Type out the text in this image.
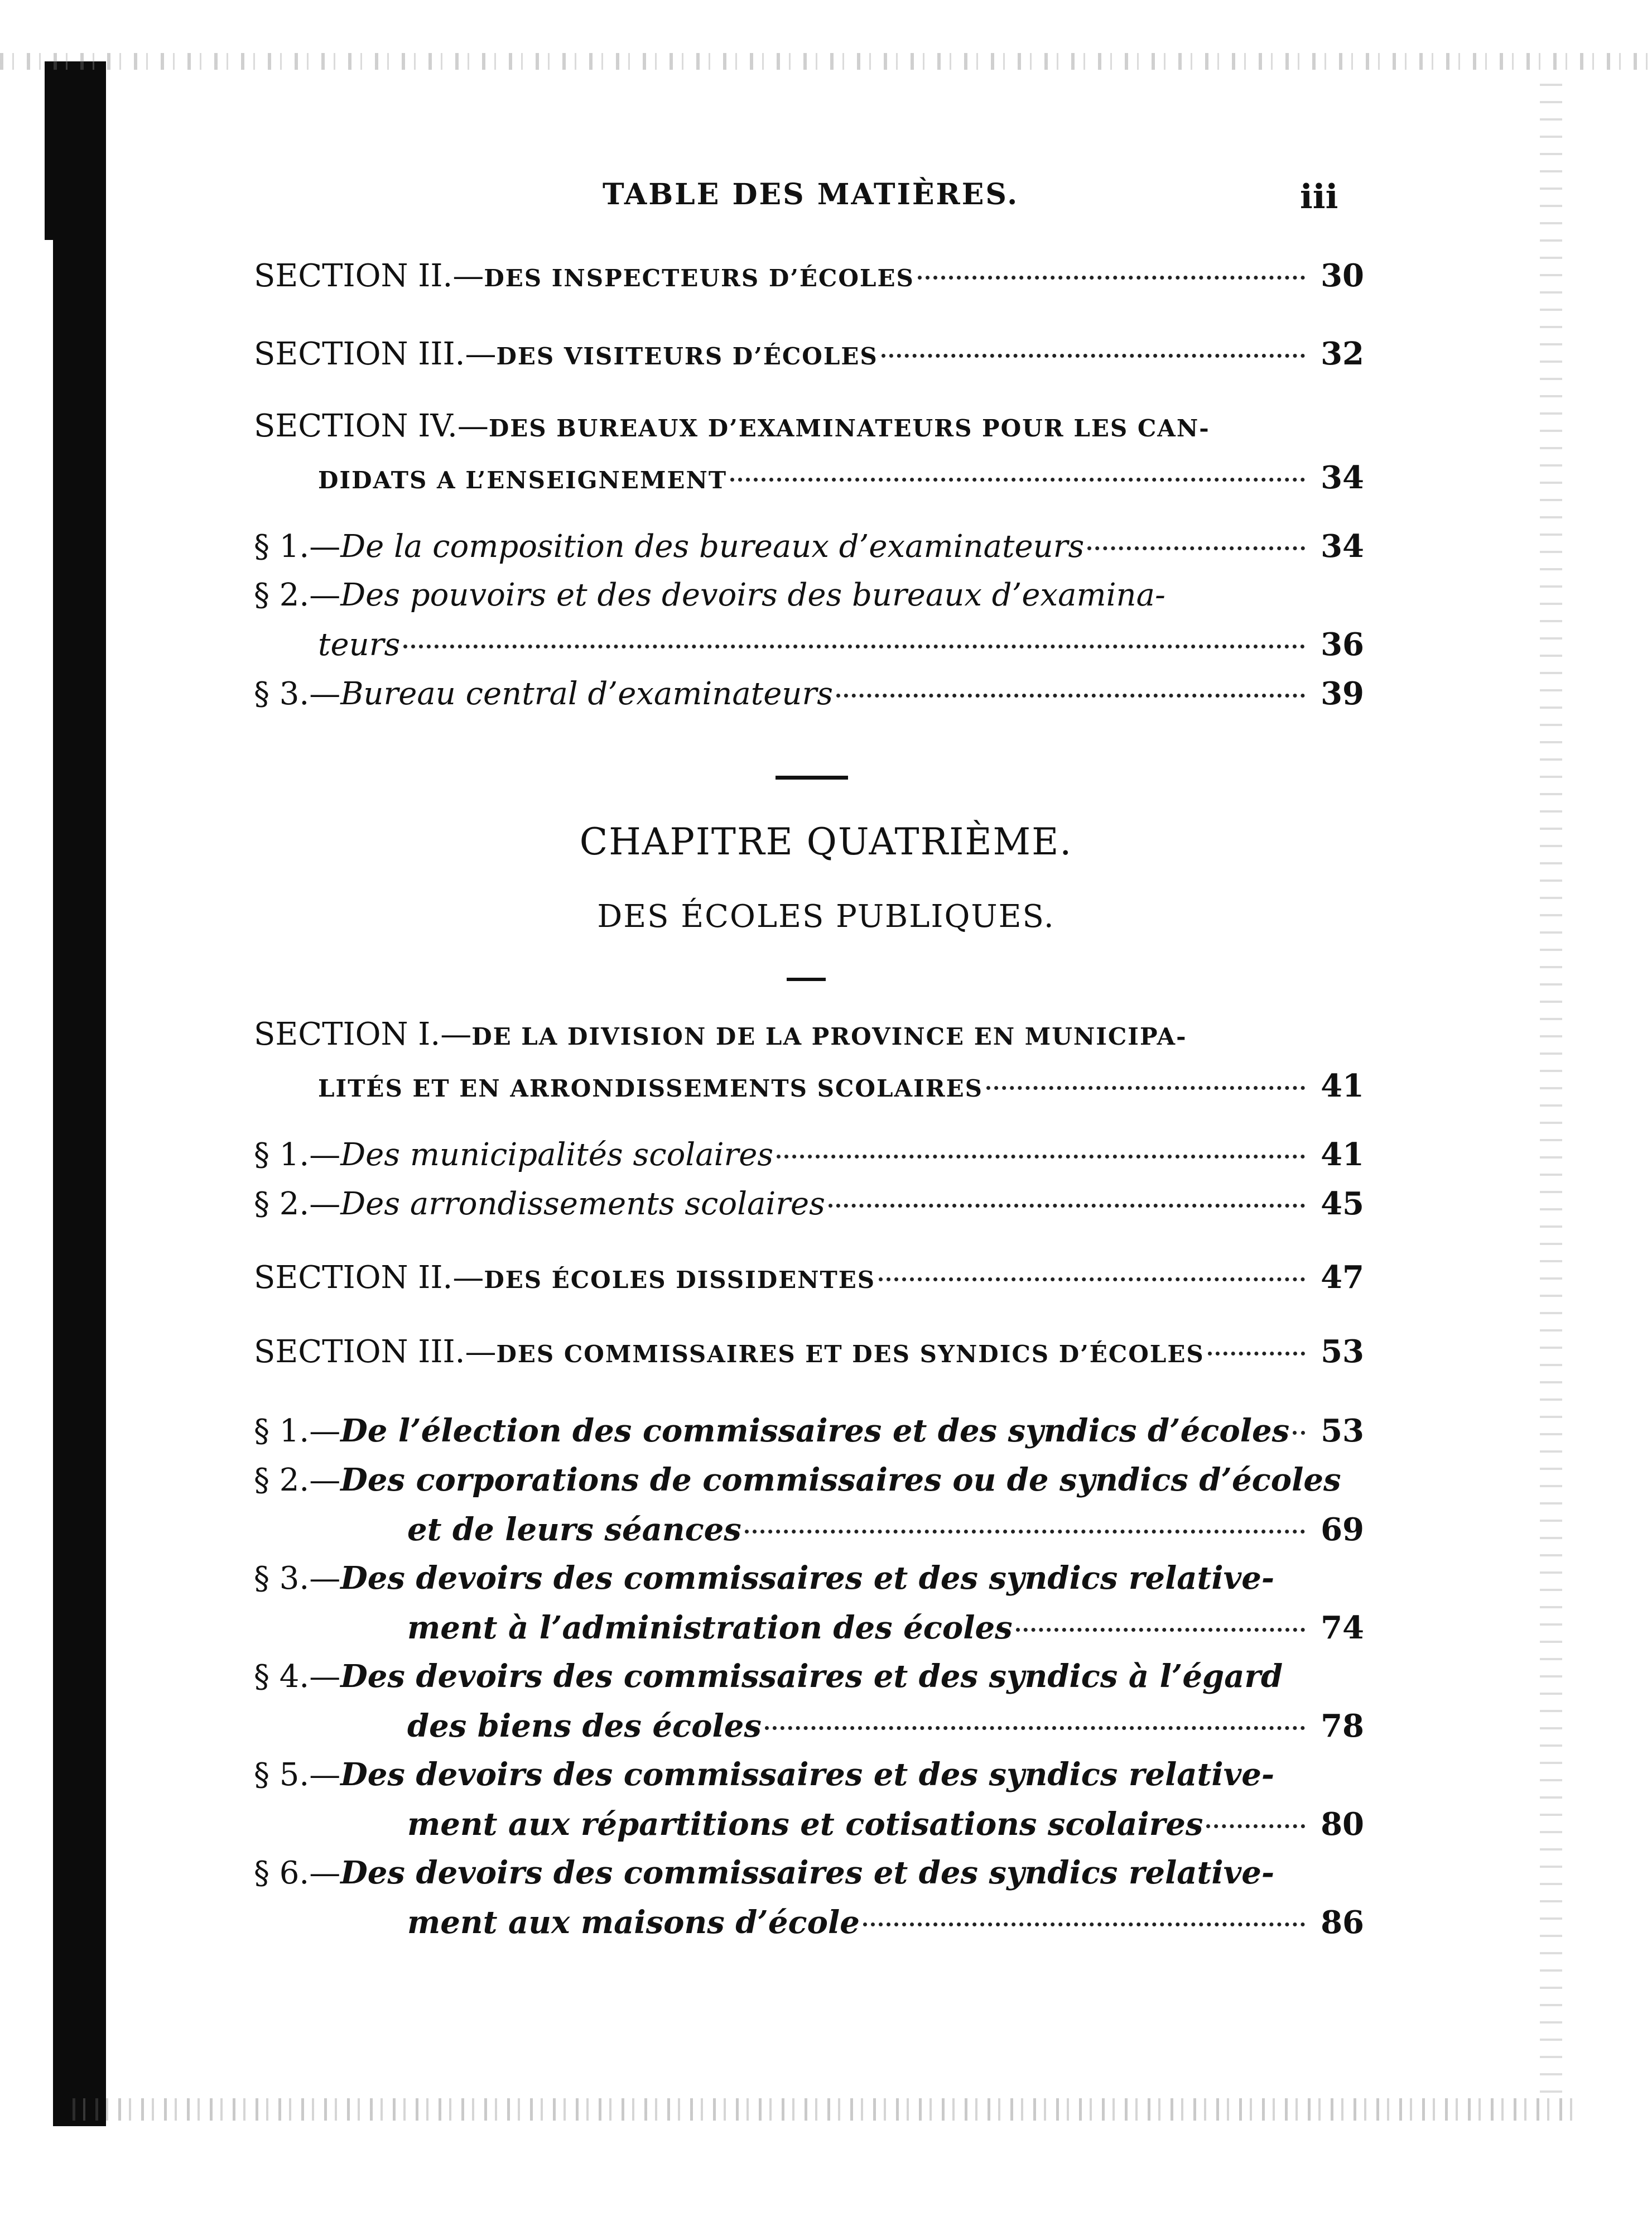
TABLE DES MATIÈRES.	iii
SECTION II.— DES INSPECTEURS D’ÉCOLES	30
SECTION III.— DES VISITEURS D’ÉCOLES	32
SECTION IV.— DES BUREAUX D’EXAMINATEURS POUR LES CAN-
DIDATS A L’ENSEIGNEMENT	34
§ 1.— De la composition des bureaux d’examinateurs	34
§ 2.— Des pouvoirs et des devoirs des bureaux d’examina-
teurs	36
§ 3.— Bureau central d’examinateurs	39
CHAPITRE QUATRIÈME.
DES ÉCOLES PUBLIQUES.
SECTION I.— DE LA DIVISION DE LA PROVINCE EN MUNICIPA-
LITÉS ET EN ARRONDISSEMENTS SCOLAIRES	41
§ 1.— Des municipalités scolaires	41
§ 2.— Des arrondissements scolaires	45
SECTION II.— DES ÉCOLES DISSIDENTES	47
SECTION III.— DES COMMISSAIRES ET DES SYNDICS D’ÉCOLES	53
§ 1.— De l’élection des commissaires et des syndics d’écoles 53
§ 2.— Des corporations de commissaires ou de syndics d’écoles
et de leurs séances	69
§ 3.— Des devoirs des commissaires et des syndics relative-
ment à l’administration des écoles	74
§ 4.— Des devoirs des commissaires et des syndics à l’égard
des biens des écoles	78
§ 5.— Des devoirs des commissaires et des syndics relative-
ment aux répartitions et cotisations scolaires	80
§ 6.— Des devoirs des commissaires et des syndics relative-
ment aux maisons d’école	86
